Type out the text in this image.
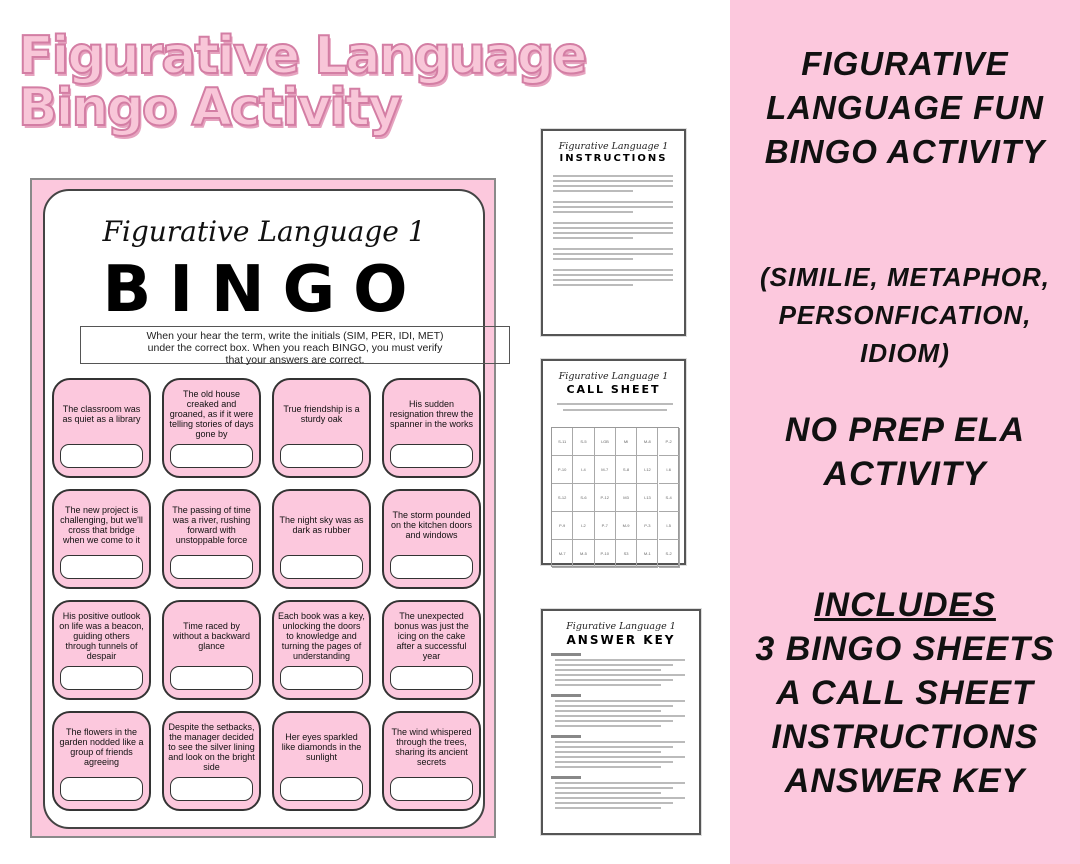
Figurative Language
Bingo Activity
Figurative Language 1
BINGO
When your hear the term, write the initials (SIM, PER, IDI, MET)
under the correct box. When you reach BINGO, you must verify
that your answers are correct.
The classroom was as quiet as a library
The old house creaked and groaned, as if it were telling stories of days gone by
True friendship is a sturdy oak
His sudden resignation threw the spanner in the works
The new project is challenging, but we'll cross that bridge when we come to it
The passing of time was a river, rushing forward with unstoppable force
The night sky was as dark as rubber
The storm pounded on the kitchen doors and windows
His positive outlook on life was a beacon, guiding others through tunnels of despair
Time raced by without a backward glance
Each book was a key, unlocking the doors to knowledge and turning the pages of understanding
The unexpected bonus was just the icing on the cake after a successful year
The flowers in the garden nodded like a group of friends agreeing
Despite the setbacks, the manager decided to see the silver lining and look on the bright side
Her eyes sparkled like diamonds in the sunlight
The wind whispered through the trees, sharing its ancient secrets
Figurative Language 1
INSTRUCTIONS
Figurative Language 1
CALL SHEET
S-11	S-5	I-GB	MI	M-8	P-2
P-10	I-4	M-7	S-8	I-12	I-6
S-12	S-6	P-12	M3	I-13	S-4
P-9	I-2	P-7	M-9	P-3	I-5
M-7	M-5	P-10	S3	M-1	S-2
Figurative Language 1
ANSWER KEY
FIGURATIVE
LANGUAGE FUN
BINGO ACTIVITY
(SIMILIE, METAPHOR,
PERSONFICATION,
IDIOM)
NO PREP ELA
ACTIVITY
INCLUDES
3 BINGO SHEETS
A CALL SHEET
INSTRUCTIONS
ANSWER KEY
